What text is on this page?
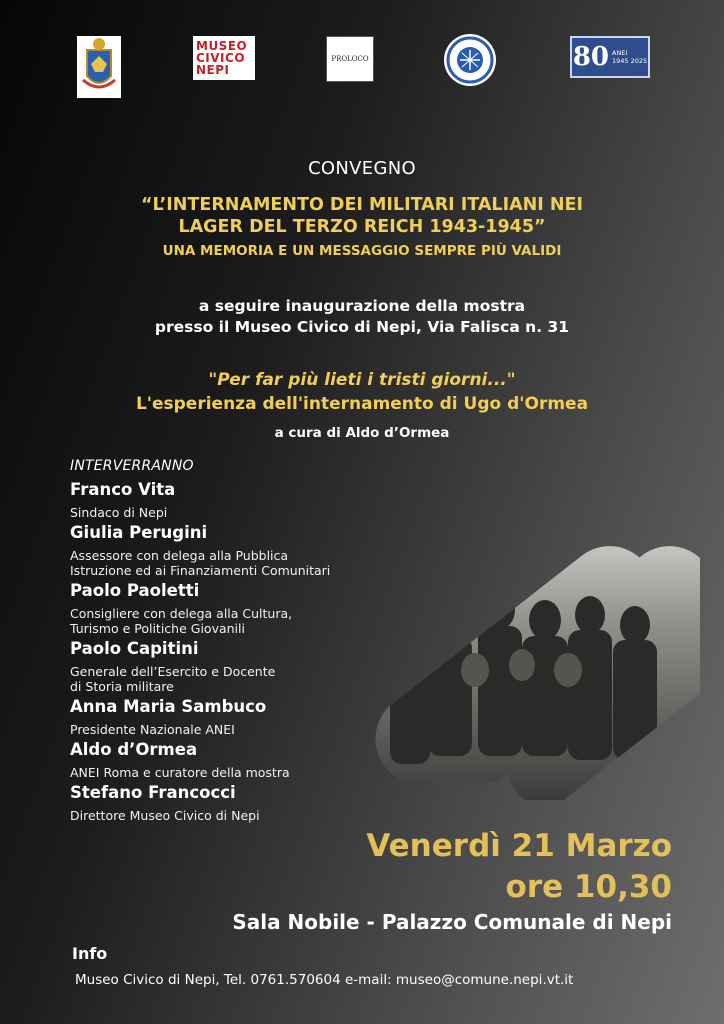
MUSEO
CIVICO
NEPI
PROLOCO	80 ANEI
1945 2025
CONVEGNO
“L’INTERNAMENTO DEI MILITARI ITALIANI NEI
LAGER DEL TERZO REICH 1943-1945”
UNA MEMORIA E UN MESSAGGIO SEMPRE PIÙ VALIDI
a seguire inaugurazione della mostra
presso il Museo Civico di Nepi, Via Falisca n. 31
"Per far più lieti i tristi giorni..."
L'esperienza dell'internamento di Ugo d'Ormea
a cura di Aldo d’Ormea
INTERVERRANNO
Franco Vita
Sindaco di Nepi
Giulia Perugini
Assessore con delega alla Pubblica
Istruzione ed ai Finanziamenti Comunitari
Paolo Paoletti
Consigliere con delega alla Cultura,
Turismo e Politiche Giovanili
Paolo Capitini
Generale dell’Esercito e Docente
di Storia militare
Anna Maria Sambuco
Presidente Nazionale ANEI
Aldo d’Ormea
ANEI Roma e curatore della mostra
Stefano Francocci
Direttore Museo Civico di Nepi
Venerdì 21 Marzo
ore 10,30
Sala Nobile - Palazzo Comunale di Nepi
Info
Museo Civico di Nepi, Tel. 0761.570604 e-mail: museo@comune.nepi.vt.it
